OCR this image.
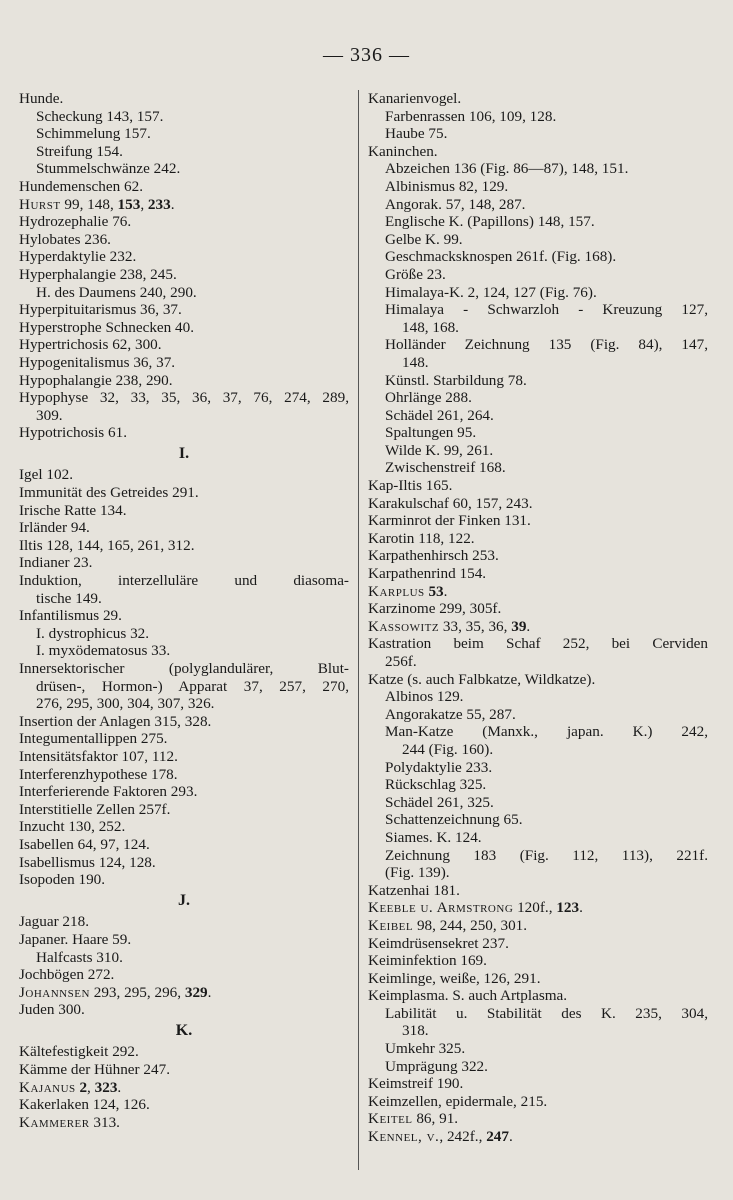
— 336 —
Hunde.
Scheckung 143, 157.
Schimmelung 157.
Streifung 154.
Stummelschwänze 242.
Hundemenschen 62.
Hurst 99, 148, 153, 233.
Hydrozephalie 76.
Hylobates 236.
Hyperdaktylie 232.
Hyperphalangie 238, 245.
H. des Daumens 240, 290.
Hyperpituitarismus 36, 37.
Hyperstrophe Schnecken 40.
Hypertrichosis 62, 300.
Hypogenitalismus 36, 37.
Hypophalangie 238, 290.
Hypophyse 32, 33, 35, 36, 37, 76, 274, 289,
309.
Hypotrichosis 61.
I.
Igel 102.
Immunität des Getreides 291.
Irische Ratte 134.
Irländer 94.
Iltis 128, 144, 165, 261, 312.
Indianer 23.
Induktion, interzelluläre und diasoma-
tische 149.
Infantilismus 29.
I. dystrophicus 32.
I. myxödematosus 33.
Innersektorischer (polyglandulärer, Blut-
drüsen-, Hormon-) Apparat 37, 257, 270,
276, 295, 300, 304, 307, 326.
Insertion der Anlagen 315, 328.
Integumentallippen 275.
Intensitätsfaktor 107, 112.
Interferenzhypothese 178.
Interferierende Faktoren 293.
Interstitielle Zellen 257f.
Inzucht 130, 252.
Isabellen 64, 97, 124.
Isabellismus 124, 128.
Isopoden 190.
J.
Jaguar 218.
Japaner. Haare 59.
Halfcasts 310.
Jochbögen 272.
Johannsen 293, 295, 296, 329.
Juden 300.
K.
Kältefestigkeit 292.
Kämme der Hühner 247.
Kajanus 2, 323.
Kakerlaken 124, 126.
Kammerer 313.
Kanarienvogel.
Farbenrassen 106, 109, 128.
Haube 75.
Kaninchen.
Abzeichen 136 (Fig. 86—87), 148, 151.
Albinismus 82, 129.
Angorak. 57, 148, 287.
Englische K. (Papillons) 148, 157.
Gelbe K. 99.
Geschmacksknospen 261f. (Fig. 168).
Größe 23.
Himalaya-K. 2, 124, 127 (Fig. 76).
Himalaya - Schwarzloh - Kreuzung 127,
148, 168.
Holländer Zeichnung 135 (Fig. 84), 147,
148.
Künstl. Starbildung 78.
Ohrlänge 288.
Schädel 261, 264.
Spaltungen 95.
Wilde K. 99, 261.
Zwischenstreif 168.
Kap-Iltis 165.
Karakulschaf 60, 157, 243.
Karminrot der Finken 131.
Karotin 118, 122.
Karpathenhirsch 253.
Karpathenrind 154.
Karplus 53.
Karzinome 299, 305f.
Kassowitz 33, 35, 36, 39.
Kastration beim Schaf 252, bei Cerviden
256f.
Katze (s. auch Falbkatze, Wildkatze).
Albinos 129.
Angorakatze 55, 287.
Man-Katze (Manxk., japan. K.) 242,
244 (Fig. 160).
Polydaktylie 233.
Rückschlag 325.
Schädel 261, 325.
Schattenzeichnung 65.
Siames. K. 124.
Zeichnung 183 (Fig. 112, 113), 221f.
(Fig. 139).
Katzenhai 181.
Keeble u. Armstrong 120f., 123.
Keibel 98, 244, 250, 301.
Keimdrüsensekret 237.
Keiminfektion 169.
Keimlinge, weiße, 126, 291.
Keimplasma. S. auch Artplasma.
Labilität u. Stabilität des K. 235, 304,
318.
Umkehr 325.
Umprägung 322.
Keimstreif 190.
Keimzellen, epidermale, 215.
Keitel 86, 91.
Kennel, v., 242f., 247.
